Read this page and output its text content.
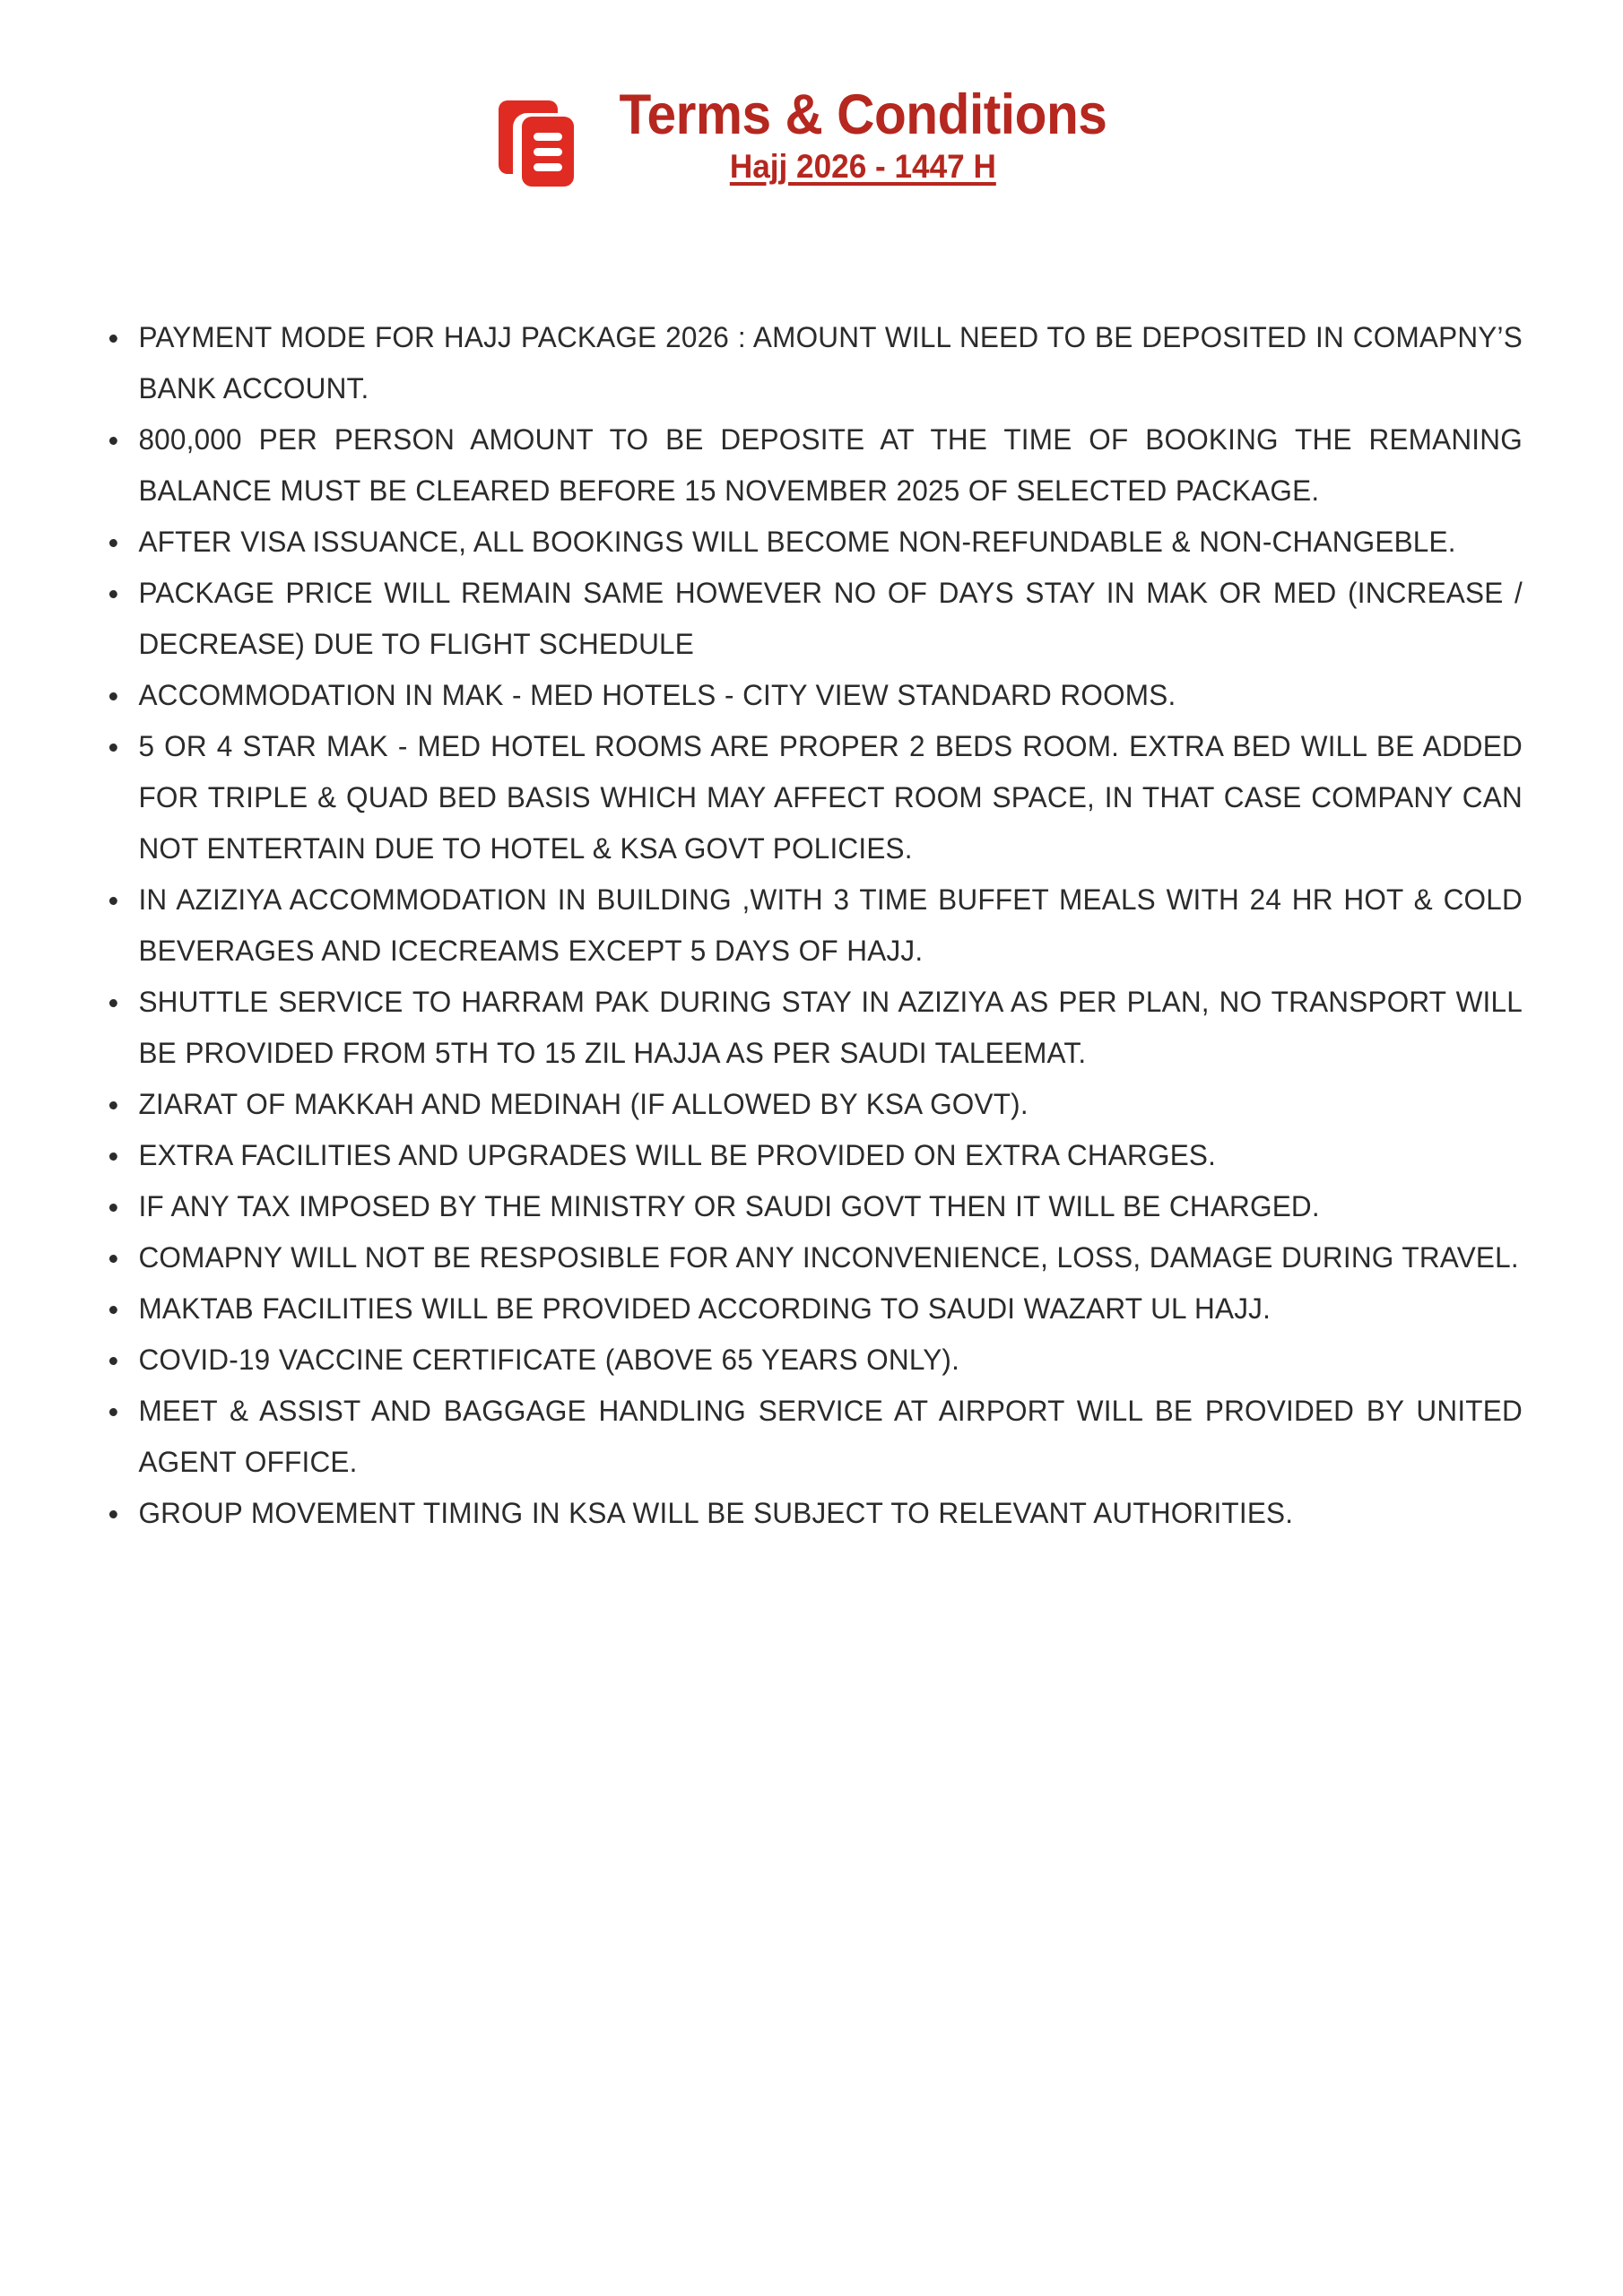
Terms & Conditions
Hajj 2026 - 1447 H
PAYMENT MODE FOR HAJJ PACKAGE 2026 : AMOUNT WILL NEED TO BE DEPOSITED IN COMAPNY’S BANK ACCOUNT.
800,000 PER PERSON AMOUNT TO BE DEPOSITE AT THE TIME OF BOOKING THE REMANING BALANCE MUST BE CLEARED BEFORE 15 NOVEMBER 2025 OF SELECTED PACKAGE.
AFTER VISA ISSUANCE, ALL BOOKINGS WILL BECOME NON-REFUNDABLE & NON-CHANGEBLE.
PACKAGE PRICE WILL REMAIN SAME HOWEVER NO OF DAYS STAY IN MAK OR MED (INCREASE / DECREASE) DUE TO FLIGHT SCHEDULE
ACCOMMODATION IN MAK - MED HOTELS - CITY VIEW STANDARD ROOMS.
5 OR 4 STAR MAK - MED HOTEL ROOMS ARE PROPER 2 BEDS ROOM. EXTRA BED WILL BE ADDED FOR TRIPLE & QUAD BED BASIS WHICH MAY AFFECT ROOM SPACE, IN THAT CASE COMPANY CAN NOT ENTERTAIN DUE TO HOTEL & KSA GOVT POLICIES.
IN AZIZIYA ACCOMMODATION IN BUILDING ,WITH 3 TIME BUFFET MEALS WITH 24 HR HOT & COLD BEVERAGES AND ICECREAMS EXCEPT 5 DAYS OF HAJJ.
SHUTTLE SERVICE TO HARRAM PAK DURING STAY IN AZIZIYA AS PER PLAN, NO TRANSPORT WILL BE PROVIDED FROM 5TH TO 15 ZIL HAJJA AS PER SAUDI TALEEMAT.
ZIARAT OF MAKKAH AND MEDINAH (IF ALLOWED BY KSA GOVT).
EXTRA FACILITIES AND UPGRADES WILL BE PROVIDED ON EXTRA CHARGES.
IF ANY TAX IMPOSED BY THE MINISTRY OR SAUDI GOVT THEN IT WILL BE CHARGED.
COMAPNY WILL NOT BE RESPOSIBLE FOR ANY INCONVENIENCE, LOSS, DAMAGE DURING TRAVEL.
MAKTAB FACILITIES WILL BE PROVIDED ACCORDING TO SAUDI WAZART UL HAJJ.
COVID-19 VACCINE CERTIFICATE (ABOVE 65 YEARS ONLY).
MEET & ASSIST AND BAGGAGE HANDLING SERVICE AT AIRPORT WILL BE PROVIDED BY UNITED AGENT OFFICE.
GROUP MOVEMENT TIMING IN KSA WILL BE SUBJECT TO RELEVANT AUTHORITIES.
